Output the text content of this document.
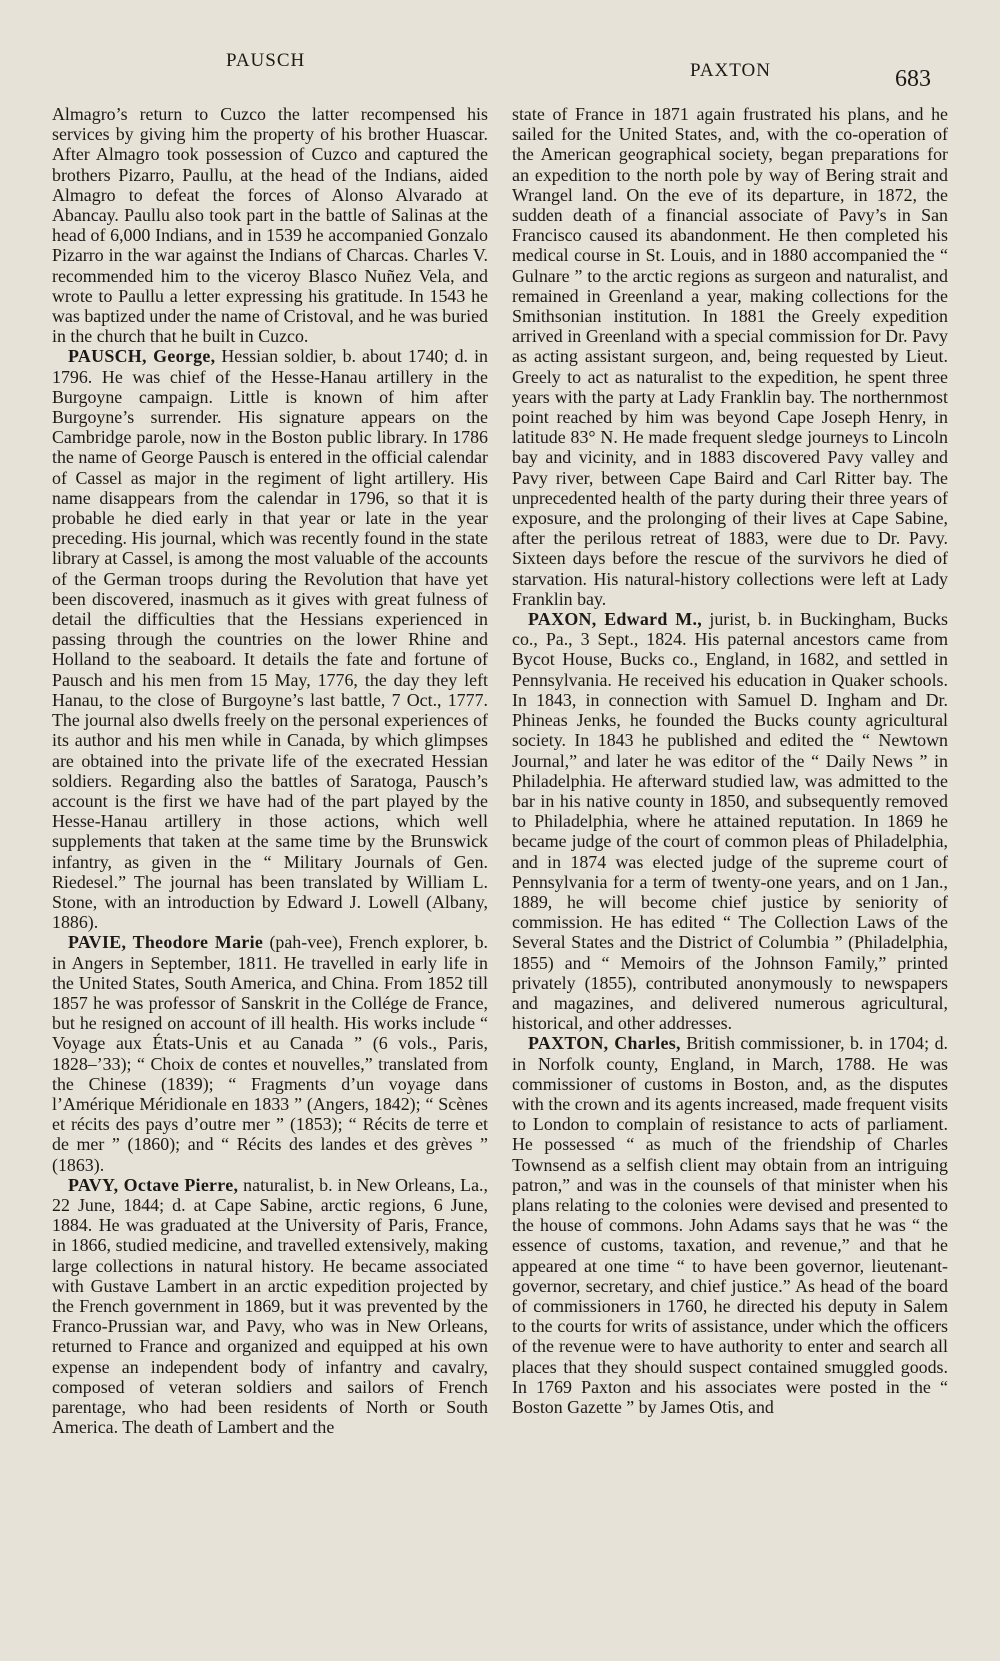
PAUSCH	PAXTON	683

Almagro’s return to Cuzco the latter recompensed his services by giving him the property of his brother Huascar. After Almagro took possession of Cuzco and captured the brothers Pizarro, Paullu, at the head of the Indians, aided Almagro to defeat the forces of Alonso Alvarado at Abancay. Paullu also took part in the battle of Salinas at the head of 6,000 Indians, and in 1539 he accompanied Gonzalo Pizarro in the war against the Indians of Charcas. Charles V. recommended him to the viceroy Blasco Nuñez Vela, and wrote to Paullu a letter expressing his gratitude. In 1543 he was baptized under the name of Cristoval, and he was buried in the church that he built in Cuzco.

PAUSCH, George, Hessian soldier, b. about 1740; d. in 1796. He was chief of the Hesse-Hanau artillery in the Burgoyne campaign. Little is known of him after Burgoyne’s surrender. His signature appears on the Cambridge parole, now in the Boston public library. In 1786 the name of George Pausch is entered in the official calendar of Cassel as major in the regiment of light artillery. His name disappears from the calendar in 1796, so that it is probable he died early in that year or late in the year preceding. His journal, which was recently found in the state library at Cassel, is among the most valuable of the accounts of the German troops during the Revolution that have yet been discovered, inasmuch as it gives with great fulness of detail the difficulties that the Hessians experienced in passing through the countries on the lower Rhine and Holland to the seaboard. It details the fate and fortune of Pausch and his men from 15 May, 1776, the day they left Hanau, to the close of Burgoyne’s last battle, 7 Oct., 1777. The journal also dwells freely on the personal experiences of its author and his men while in Canada, by which glimpses are obtained into the private life of the execrated Hessian soldiers. Regarding also the battles of Saratoga, Pausch’s account is the first we have had of the part played by the Hesse-Hanau artillery in those actions, which well supplements that taken at the same time by the Brunswick infantry, as given in the “ Military Journals of Gen. Riedesel.” The journal has been translated by William L. Stone, with an introduction by Edward J. Lowell (Albany, 1886).

PAVIE, Theodore Marie (pah-vee), French explorer, b. in Angers in September, 1811. He travelled in early life in the United States, South America, and China. From 1852 till 1857 he was professor of Sanskrit in the Collége de France, but he resigned on account of ill health. His works include “ Voyage aux États-Unis et au Canada ” (6 vols., Paris, 1828–’33); “ Choix de contes et nouvelles,” translated from the Chinese (1839); “ Fragments d’un voyage dans l’Amérique Méridionale en 1833 ” (Angers, 1842); “ Scènes et récits des pays d’outre mer ” (1853); “ Récits de terre et de mer ” (1860); and “ Récits des landes et des grèves ” (1863).

PAVY, Octave Pierre, naturalist, b. in New Orleans, La., 22 June, 1844; d. at Cape Sabine, arctic regions, 6 June, 1884. He was graduated at the University of Paris, France, in 1866, studied medicine, and travelled extensively, making large collections in natural history. He became associated with Gustave Lambert in an arctic expedition projected by the French government in 1869, but it was prevented by the Franco-Prussian war, and Pavy, who was in New Orleans, returned to France and organized and equipped at his own expense an independent body of infantry and cavalry, composed of veteran soldiers and sailors of French parentage, who had been residents of North or South America. The death of Lambert and the

state of France in 1871 again frustrated his plans, and he sailed for the United States, and, with the co-operation of the American geographical society, began preparations for an expedition to the north pole by way of Bering strait and Wrangel land. On the eve of its departure, in 1872, the sudden death of a financial associate of Pavy’s in San Francisco caused its abandonment. He then completed his medical course in St. Louis, and in 1880 accompanied the “ Gulnare ” to the arctic regions as surgeon and naturalist, and remained in Greenland a year, making collections for the Smithsonian institution. In 1881 the Greely expedition arrived in Greenland with a special commission for Dr. Pavy as acting assistant surgeon, and, being requested by Lieut. Greely to act as naturalist to the expedition, he spent three years with the party at Lady Franklin bay. The northernmost point reached by him was beyond Cape Joseph Henry, in latitude 83° N. He made frequent sledge journeys to Lincoln bay and vicinity, and in 1883 discovered Pavy valley and Pavy river, between Cape Baird and Carl Ritter bay. The unprecedented health of the party during their three years of exposure, and the prolonging of their lives at Cape Sabine, after the perilous retreat of 1883, were due to Dr. Pavy. Sixteen days before the rescue of the survivors he died of starvation. His natural-history collections were left at Lady Franklin bay.

PAXON, Edward M., jurist, b. in Buckingham, Bucks co., Pa., 3 Sept., 1824. His paternal ancestors came from Bycot House, Bucks co., England, in 1682, and settled in Pennsylvania. He received his education in Quaker schools. In 1843, in connection with Samuel D. Ingham and Dr. Phineas Jenks, he founded the Bucks county agricultural society. In 1843 he published and edited the “ Newtown Journal,” and later he was editor of the “ Daily News ” in Philadelphia. He afterward studied law, was admitted to the bar in his native county in 1850, and subsequently removed to Philadelphia, where he attained reputation. In 1869 he became judge of the court of common pleas of Philadelphia, and in 1874 was elected judge of the supreme court of Pennsylvania for a term of twenty-one years, and on 1 Jan., 1889, he will become chief justice by seniority of commission. He has edited “ The Collection Laws of the Several States and the District of Columbia ” (Philadelphia, 1855) and “ Memoirs of the Johnson Family,” printed privately (1855), contributed anonymously to newspapers and magazines, and delivered numerous agricultural, historical, and other addresses.

PAXTON, Charles, British commissioner, b. in 1704; d. in Norfolk county, England, in March, 1788. He was commissioner of customs in Boston, and, as the disputes with the crown and its agents increased, made frequent visits to London to complain of resistance to acts of parliament. He possessed “ as much of the friendship of Charles Townsend as a selfish client may obtain from an intriguing patron,” and was in the counsels of that minister when his plans relating to the colonies were devised and presented to the house of commons. John Adams says that he was “ the essence of customs, taxation, and revenue,” and that he appeared at one time “ to have been governor, lieutenant-governor, secretary, and chief justice.” As head of the board of commissioners in 1760, he directed his deputy in Salem to the courts for writs of assistance, under which the officers of the revenue were to have authority to enter and search all places that they should suspect contained smuggled goods. In 1769 Paxton and his associates were posted in the “ Boston Gazette ” by James Otis, and
